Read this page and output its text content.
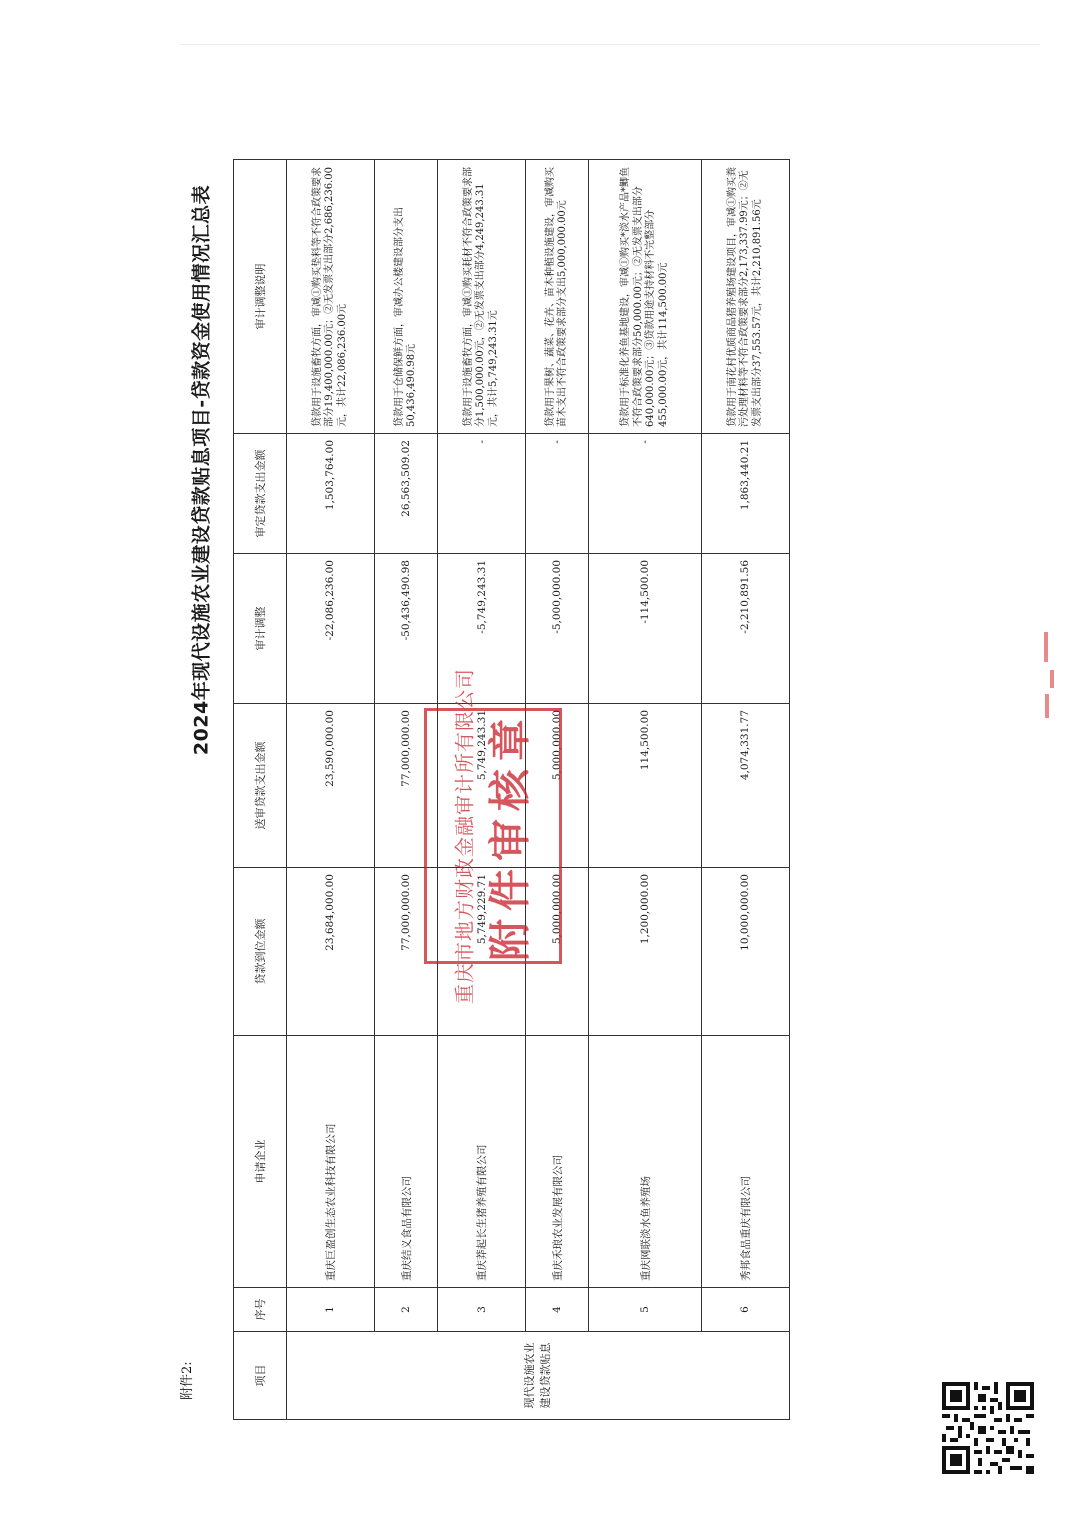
附件2:
2024年现代设施农业建设贷款贴息项目-贷款资金使用情况汇总表
项目	序号	申请企业	贷款到位金额	送审贷款支出金额	审计调整	审定贷款支出金额	审计调整说明
现代设施农业建设贷款贴息	1	重庆巨盈创生态农业科技有限公司	23,684,000.00	23,590,000.00	-22,086,236.00	1,503,764.00	贷款用于设施畜牧方面，审减①购买垫料等不符合政策要求部分19,400,000.00元；②无发票支出部分2,686,236.00元，共计22,086,236.00元
	2	重庆结义食品有限公司	77,000,000.00	77,000,000.00	-50,436,490.98	26,563,509.02	贷款用于仓储保鲜方面，审减办公楼建设部分支出50,436,490.98元
	3	重庆莽起长生猪养殖有限公司	5,749,229.71	5,749,243.31	-5,749,243.31	-	贷款用于设施畜牧方面，审减①购买耗材不符合政策要求部分1,500,000.00元，②无发票支出部分4,249,243.31元，共计5,749,243.31元
	4	重庆禾琅农业发展有限公司	5,000,000.00	5,000,000.00	-5,000,000.00	-	贷款用于果树、蔬菜、花卉、苗木种植设施建设，审减购买苗木支出不符合政策要求部分支出5,000,000.00元
	5	重庆网联淡水鱼养殖场	1,200,000.00	114,500.00	-114,500.00	-	贷款用于标准化养鱼基地建设，审减①购买*淡水产品*鲫鱼不符合政策要求部分50,000.00元；②无发票支出部分640,000.00元；③贷款用途支持材料不完整部分455,000.00元，共计114,500.00元
	6	秀邦食品重庆有限公司	10,000,000.00	4,074,331.77	-2,210,891.56	1,863,440.21	贷款用于南花村优质商品猪养殖场建设项目，审减①购买粪污处理材料等不符合政策要求部分2,173,337.99元；②无发票支出部分37,553.57元，共计2,210,891.56元
重庆市地方财政金融审计所有限公司 附件审核章
